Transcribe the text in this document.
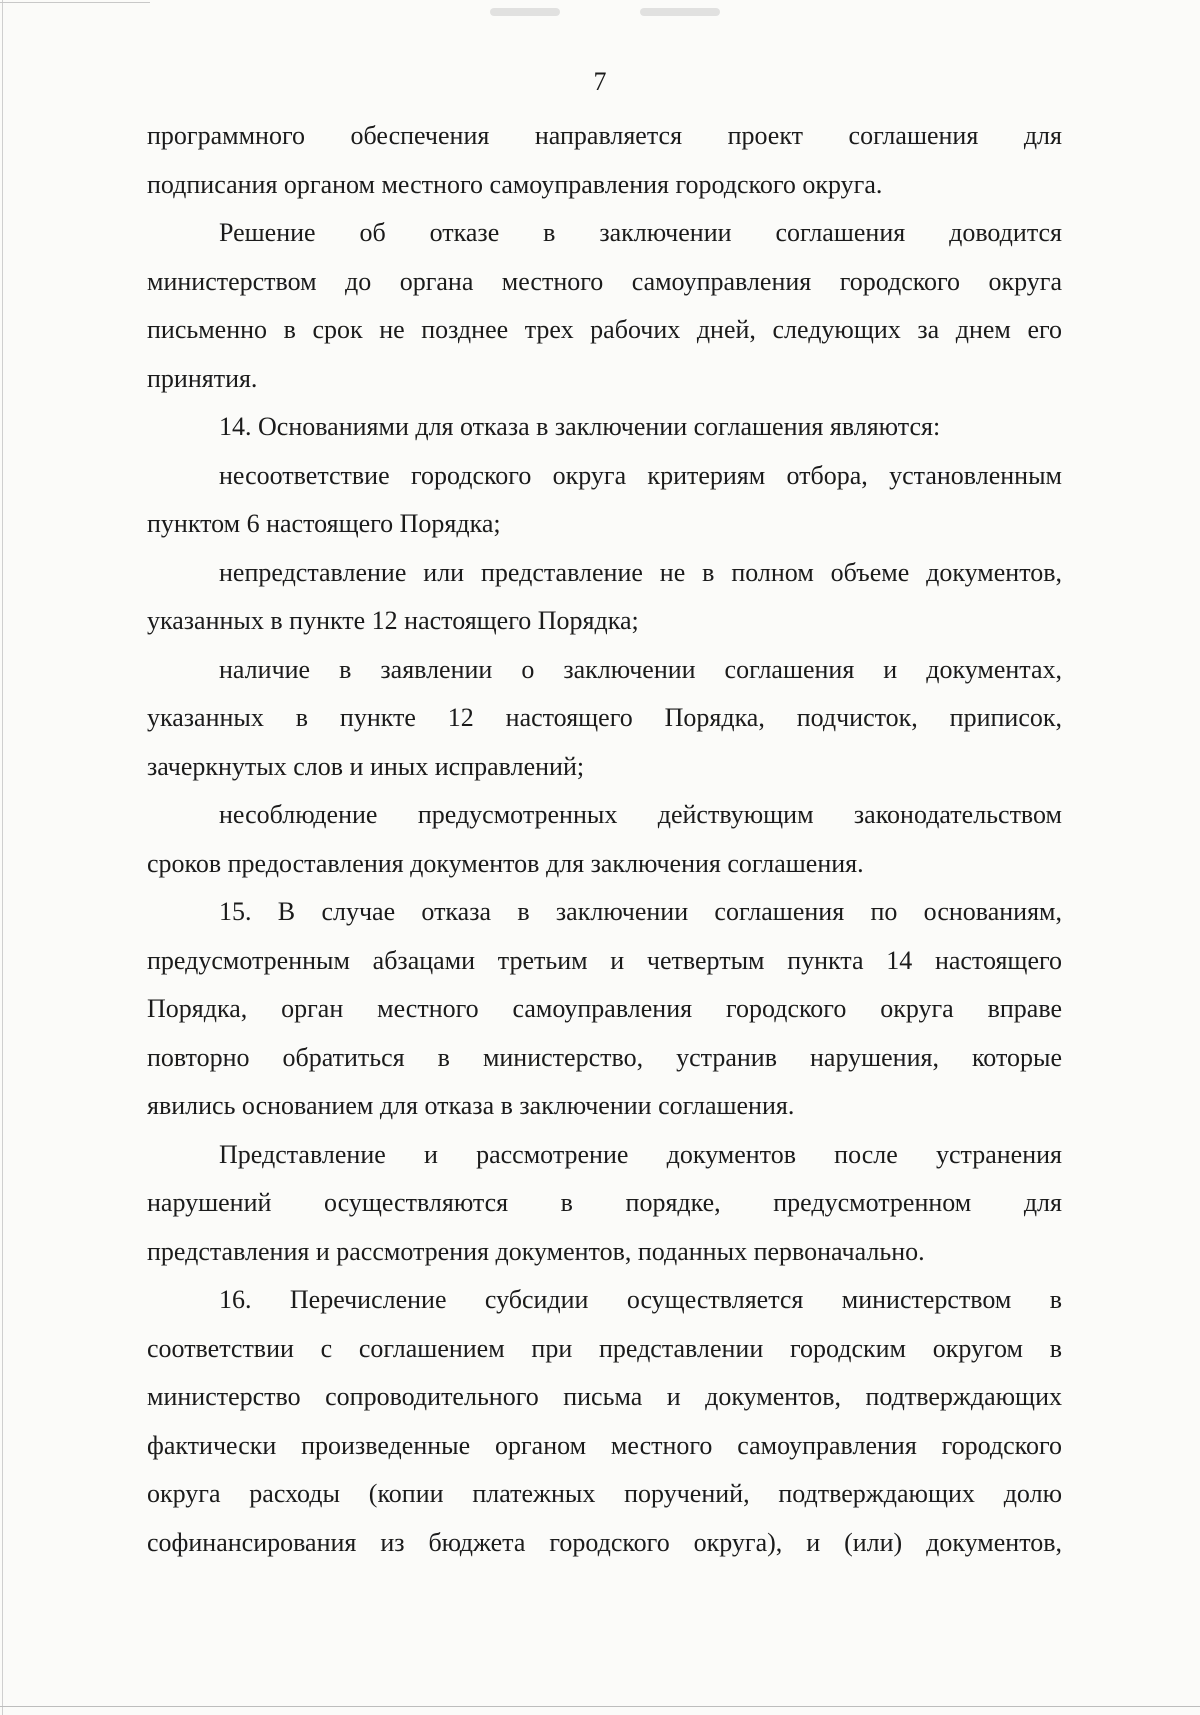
7

программного обеспечения направляется проект соглашения для
подписания органом местного самоуправления городского округа.

Решение об отказе в заключении соглашения доводится
министерством до органа местного самоуправления городского округа
письменно в срок не позднее трех рабочих дней, следующих за днем его
принятия.

14. Основаниями для отказа в заключении соглашения являются:

несоответствие городского округа критериям отбора, установленным
пунктом 6 настоящего Порядка;

непредставление или представление не в полном объеме документов,
указанных в пункте 12 настоящего Порядка;

наличие в заявлении о заключении соглашения и документах,
указанных в пункте 12 настоящего Порядка, подчисток, приписок,
зачеркнутых слов и иных исправлений;

несоблюдение предусмотренных действующим законодательством
сроков предоставления документов для заключения соглашения.

15. В случае отказа в заключении соглашения по основаниям,
предусмотренным абзацами третьим и четвертым пункта 14 настоящего
Порядка, орган местного самоуправления городского округа вправе
повторно обратиться в министерство, устранив нарушения, которые
явились основанием для отказа в заключении соглашения.

Представление и рассмотрение документов после устранения
нарушений осуществляются в порядке, предусмотренном для
представления и рассмотрения документов, поданных первоначально.

16. Перечисление субсидии осуществляется министерством в
соответствии с соглашением при представлении городским округом в
министерство сопроводительного письма и документов, подтверждающих
фактически произведенные органом местного самоуправления городского
округа расходы (копии платежных поручений, подтверждающих долю
софинансирования из бюджета городского округа), и (или) документов,
